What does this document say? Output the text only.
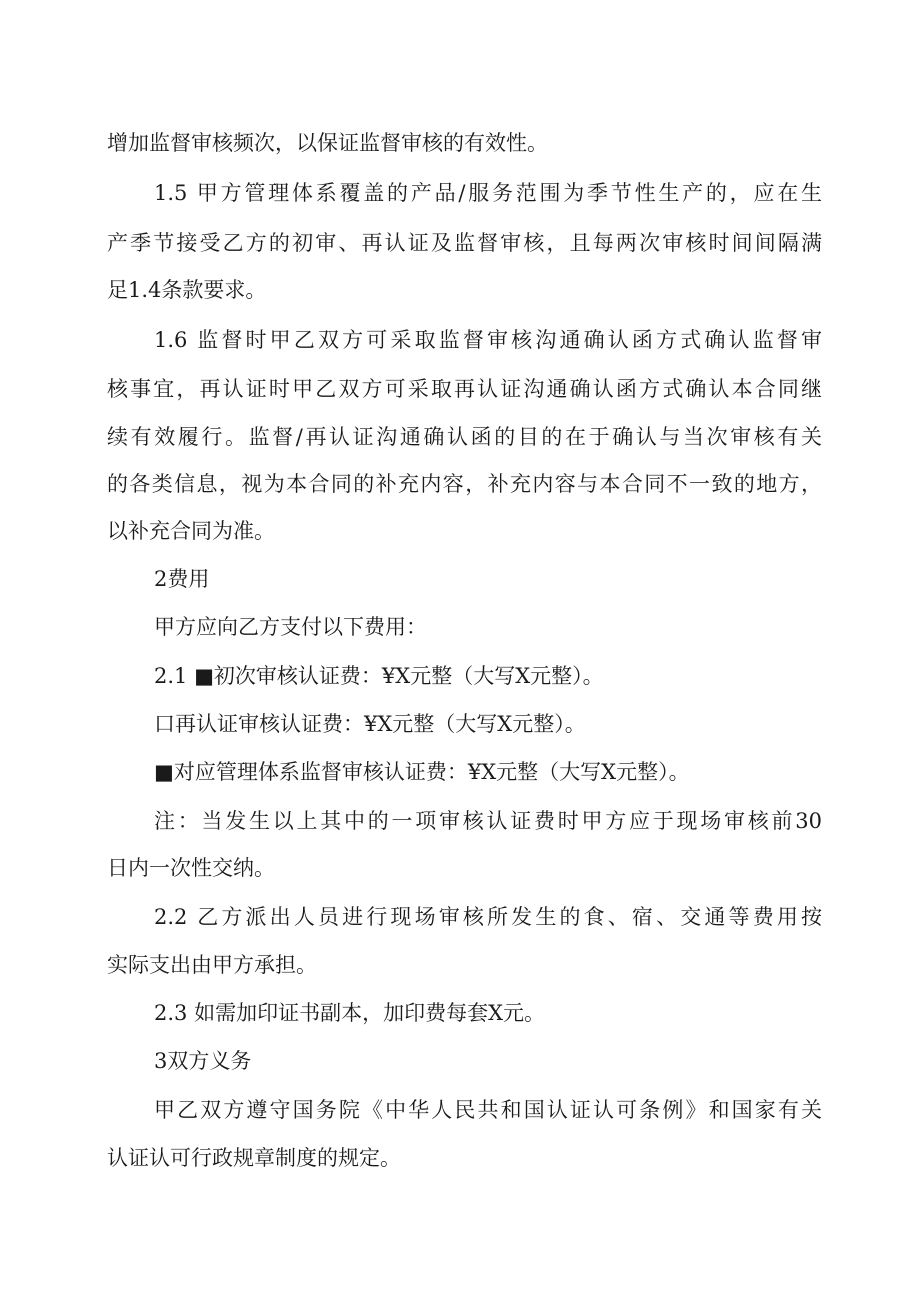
增加监督审核频次，以保证监督审核的有效性。
1.5 甲方管理体系覆盖的产品/服务范围为季节性生产的，应在生
产季节接受乙方的初审、再认证及监督审核，且每两次审核时间间隔满
足1.4条款要求。
1.6 监督时甲乙双方可采取监督审核沟通确认函方式确认监督审
核事宜，再认证时甲乙双方可采取再认证沟通确认函方式确认本合同继
续有效履行。监督/再认证沟通确认函的目的在于确认与当次审核有关
的各类信息，视为本合同的补充内容，补充内容与本合同不一致的地方，
以补充合同为准。
2费用
甲方应向乙方支付以下费用：
2.1 ■初次审核认证费：¥X元整（大写X元整）。
口再认证审核认证费：¥X元整（大写X元整）。
■对应管理体系监督审核认证费：¥X元整（大写X元整）。
注：当发生以上其中的一项审核认证费时甲方应于现场审核前30
日内一次性交纳。
2.2 乙方派出人员进行现场审核所发生的食、宿、交通等费用按
实际支出由甲方承担。
2.3 如需加印证书副本，加印费每套X元。
3双方义务
甲乙双方遵守国务院《中华人民共和国认证认可条例》和国家有关
认证认可行政规章制度的规定。
